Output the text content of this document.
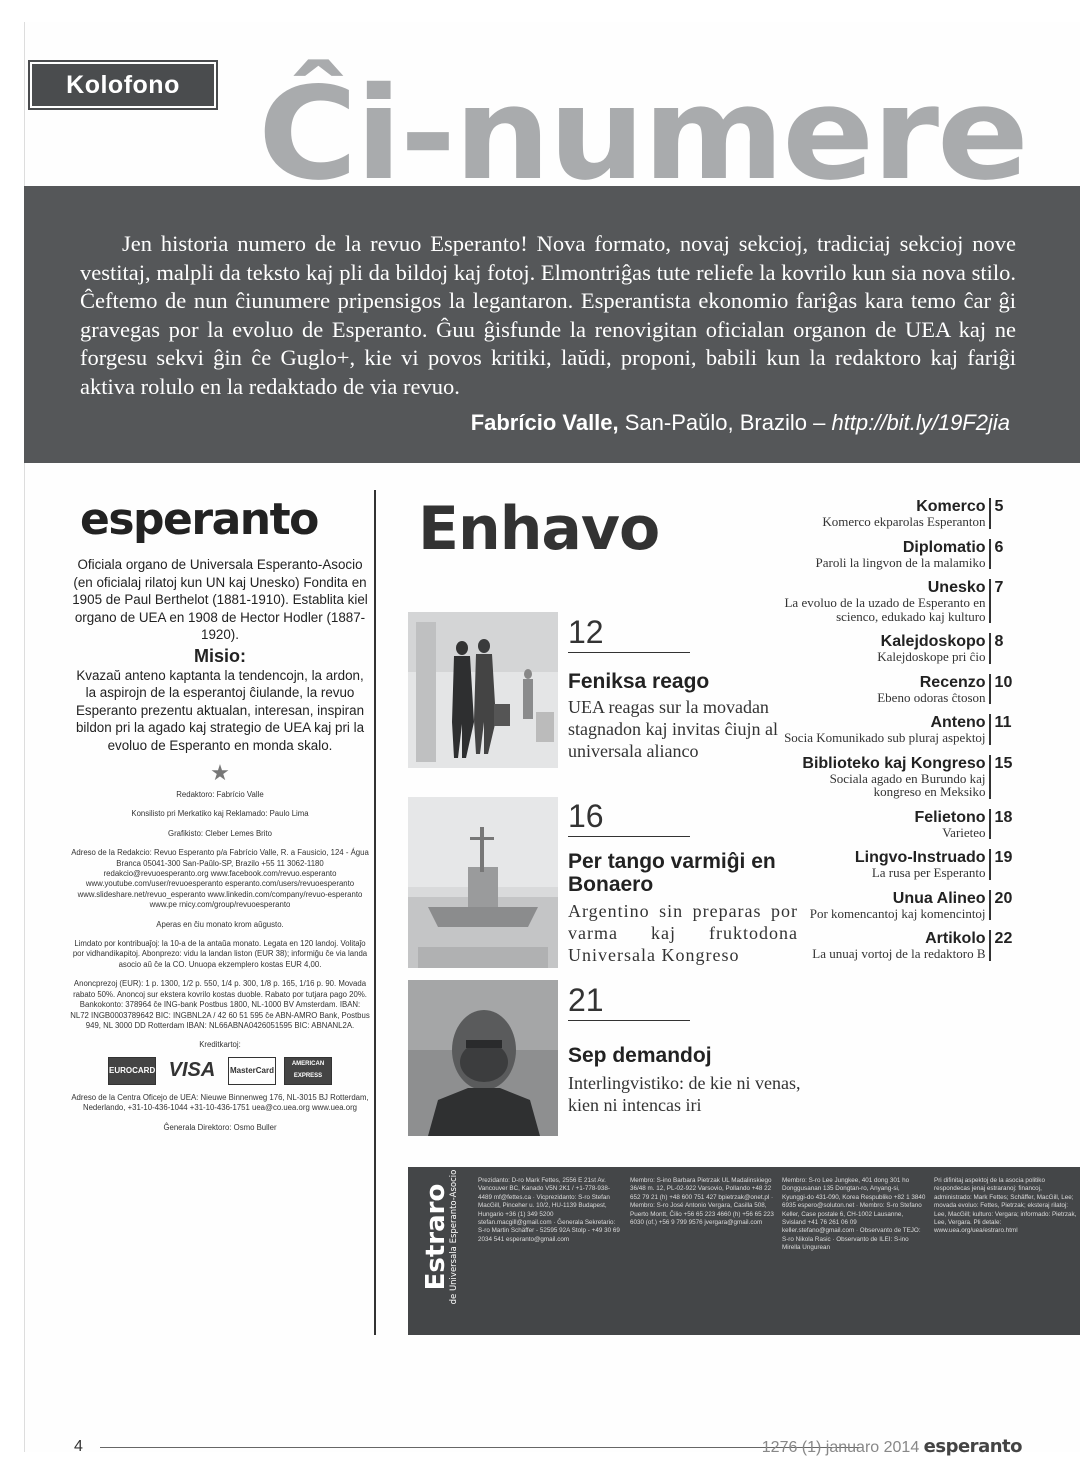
Kolofono Ĉi-numere
Jen historia numero de la revuo Esperanto! Nova formato, novaj sekcioj, tradiciaj sekcioj nove vestitaj, malpli da teksto kaj pli da bildoj kaj fotoj. Elmontriĝas tute reliefe la kovrilo kun sia nova stilo. Ĉeftemo de nun ĉiunumere pripensigos la legantaron. Esperantista ekonomio fariĝas kara temo ĉar ĝi gravegas por la evoluo de Esperanto. Ĝuu ĝisfunde la renovigitan oficialan organon de UEA kaj ne forgesu sekvi ĝin ĉe Guglo+, kie vi povos kritiki, laŭdi, proponi, babili kun la redaktoro kaj fariĝi aktiva rolulo en la redaktado de via revuo.
Fabrício Valle, San-Paŭlo, Brazilo – http://bit.ly/19F2jia
esperanto
Oficiala organo de Universala Esperanto-Asocio (en oficialaj rilatoj kun UN kaj Unesko) Fondita en 1905 de Paul Berthelot (1881-1910). Establita kiel organo de UEA en 1908 de Hector Hodler (1887-1920).
Misio:
Kvazaŭ anteno kaptanta la tendencojn, la ardon, la aspirojn de la esperantoj ĉiulande, la revuo Esperanto prezentu aktualan, interesan, inspiran bildon pri la agado kaj strategio de UEA kaj pri la evoluo de Esperanto en monda skalo.
★

Redaktoro: Fabrício Valle

Konsilisto pri Merkatiko kaj Reklamado: Paulo Lima

Grafikisto: Cleber Lemes Brito

Adreso de la Redakcio: Revuo Esperanto p/a Fabrício Valle, R. a Fausicio, 124 - Água Branca 05041-300 San-Paŭlo-SP, Brazilo +55 11 3062-1180 redakcio@revuoesperanto.org www.facebook.com/revuo.esperanto www.youtube.com/user/revuoesperanto esperanto.com/users/revuoesperanto www.slideshare.net/revuo_esperanto www.linkedin.com/company/revuo-esperanto www.pe rnicy.com/group/revuoesperanto

Aperas en ĉiu monato krom aŭgusto.

Limdato por kontribuaĵoj: la 10-a de la antaŭa monato. Legata en 120 landoj. Volitaĵo por vidhandikapitoj. Abonprezo: vidu la landan liston (EUR 38); informiĝu ĉe via landa asocio aŭ ĉe la CO. Unuopa ekzemplero kostas EUR 4,00.

Anoncprezoj (EUR): 1 p. 1300, 1/2 p. 550, 1/4 p. 300, 1/8 p. 165, 1/16 p. 90. Movada rabato 50%. Anoncoj sur ekstera kovrilo kostas duoble. Rabato por tutjara pago 20%. Bankokonto: 378964 ĉe ING-bank Postbus 1800, NL-1000 BV Amsterdam. IBAN: NL72 INGB0003789642 BIC: INGBNL2A / 42 60 51 595 ĉe ABN-AMRO Bank, Postbus 949, NL 3000 DD Rotterdam IBAN: NL66ABNA0426051595 BIC: ABNANL2A.

Kreditkartoj:
EUROCARD VISA	MasterCard
AMERICAN EXPRESS

Adreso de la Centra Oficejo de UEA: Nieuwe Binnenweg 176, NL-3015 BJ Rotterdam, Nederlando, +31-10-436-1044 +31-10-436-1751 uea@co.uea.org www.uea.org

Ĝenerala Direktoro: Osmo Buller

Enhavo
12
Feniksa reago
UEA reagas sur la movadan stagnadon kaj invitas ĉiujn al universala alianco
16
Per tango varmiĝi en Bonaero
Argentino sin preparas por varma kaj fruktodona Universala Kongreso
21
Sep demandoj
Interlingvistiko: de kie ni venas, kien ni intencas iri
Komerco
Komerco ekparolas Esperanton
5
Diplomatio
Paroli la lingvon de la malamiko
6
Unesko
La evoluo de la uzado de Esperanto en scienco, edukado kaj kulturo
7
Kalejdoskopo
Kalejdoskope pri ĉio
8
Recenzo
Ebeno odoras ĉtoson
10
Anteno
Socia Komunikado sub pluraj aspektoj
11
Biblioteko kaj Kongreso
Sociala agado en Burundo kaj kongreso en Meksiko
15
Felietono
Varieteo
18
Lingvo-Instruado
La rusa per Esperanto
19
Unua Alineo
Por komencantoj kaj komencintoj
20
Artikolo
La unuaj vortoj de la redaktoro B
22
Estraro
de Universala Esperanto-Asocio	Prezidanto: D-ro Mark Fettes, 2556 E 21st Av. Vancouver BC, Kanado V5N 2K1 / +1-778-938-4489 mf@fettes.ca · Vicprezidanto: S-ro Stefan MacGill, Pinceher u. 10/2, HU-1139 Budapest, Hungario +36 (1) 349 5200 stefan.macgill@gmail.com · Ĝenerala Sekretario: S-ro Martin Schäffer - 52595 92A Stolp - +49 30 69 2034 541 esperanto@gmail.com
Membro: S-ino Barbara Pietrzak UL Madalinskiego 36/48 m. 12, PL-02-922 Varsovio, Pollando +48 22 652 79 21 (h) +48 600 751 427 bpietrzak@onet.pl · Membro: S-ro José Antonio Vergara, Casilla 508, Puerto Montt, Ĉilio +56 65 223 4660 (h) +56 65 223 6030 (of.) +56 9 799 9576 jvergara@gmail.com
Membro: S-ro Lee Jungkee, 401 dong 301 ho Donggusanan 135 Dongtan-ro, Anyang-si, Kyunggi-do 431-090, Korea Respubliko +82 1 3840 6935 espero@soluton.net · Membro: S-ro Stefano Keller, Case postale 6, CH-1002 Lausanne, Svisland +41 76 261 06 09 keller.stefano@gmail.com · Observanto de TEJO: S-ro Nikola Rasic · Observanto de ILEI: S-ino Mirella Ungurean
Pri difinitaj aspektoj de la asocia politiko respondecas jenaj estraranoj: financoj, administrado: Mark Fettes; Schäffer, MacGill, Lee; movada evoluo: Fettes, Pietrzak; eksteraj rilatoj: Lee, MacGill; kulturo: Vergara; informado: Pietrzak, Lee, Vergara. Pli detale: www.uea.org/uea/estraro.html
4	1276 (1) januaro 2014 esperanto
